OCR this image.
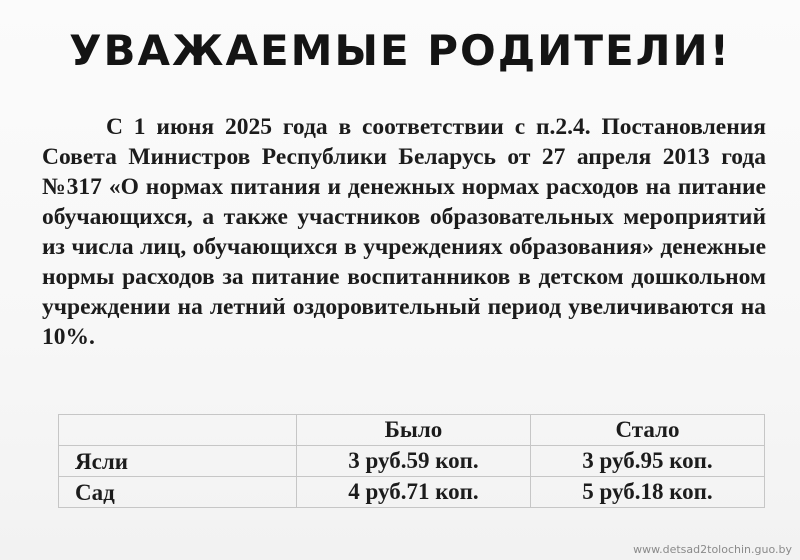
УВАЖАЕМЫЕ РОДИТЕЛИ!

С 1 июня 2025 года в соответствии с п.2.4. Постановления Совета Министров Республики Беларусь от 27 апреля 2013 года №317 «О нормах питания и денежных нормах расходов на питание обучающихся, а также участников образовательных мероприятий из числа лиц, обучающихся в учреждениях образования» денежные нормы расходов за питание воспитанников в детском дошкольном учреждении на летний оздоровительный период увеличиваются на 10%.

	Было	Стало
Ясли	3 руб.59 коп.	3 руб.95 коп.
Сад	4 руб.71 коп.	5 руб.18 коп.
www.detsad2tolochin.guo.by
